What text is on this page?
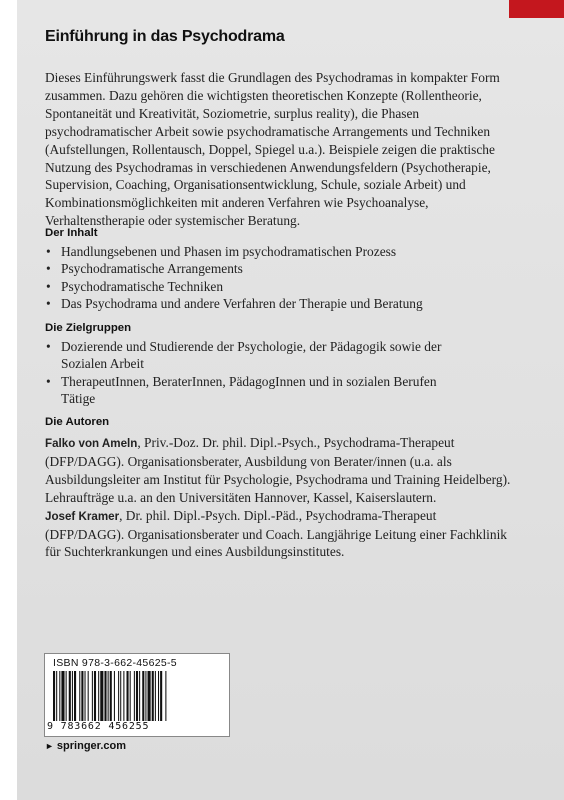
Einführung in das Psychodrama

Dieses Einführungswerk fasst die Grundlagen des Psychodramas in kompakter Form zusammen. Dazu gehören die wichtigsten theoretischen Konzepte (Rollentheorie, Spontaneität und Kreativität, Soziometrie, surplus reality), die Phasen psychodramatischer Arbeit sowie psychodramatische Arrangements und Techniken (Aufstellungen, Rollentausch, Doppel, Spiegel u.a.). Beispiele zeigen die praktische Nutzung des Psychodramas in verschiedenen Anwendungsfeldern (Psychotherapie, Supervision, Coaching, Organisationsentwicklung, Schule, soziale Arbeit) und Kombinationsmöglichkeiten mit anderen Verfahren wie Psychoanalyse, Verhaltenstherapie oder systemischer Beratung.

Der Inhalt
• Handlungsebenen und Phasen im psychodramatischen Prozess
• Psychodramatische Arrangements
• Psychodramatische Techniken
• Das Psychodrama und andere Verfahren der Therapie und Beratung
Die Zielgruppen
• Dozierende und Studierende der Psychologie, der Pädagogik sowie der Sozialen Arbeit
• TherapeutInnen, BeraterInnen, PädagogInnen und in sozialen Berufen Tätige
Die Autoren

Falko von Ameln, Priv.-Doz. Dr. phil. Dipl.-Psych., Psychodrama-Therapeut (DFP/DAGG). Organisationsberater, Ausbildung von Berater/innen (u.a. als Ausbildungsleiter am Institut für Psychologie, Psychodrama und Training Heidelberg). Lehraufträge u.a. an den Universitäten Hannover, Kassel, Kaiserslautern.
Josef Kramer, Dr. phil. Dipl.-Psych. Dipl.-Päd., Psychodrama-Therapeut (DFP/DAGG). Organisationsberater und Coach. Langjährige Leitung einer Fachklinik für Suchterkrankungen und eines Ausbildungsinstitutes.

ISBN 978-3-662-45625-5
9 783662 456255
► springer.com
